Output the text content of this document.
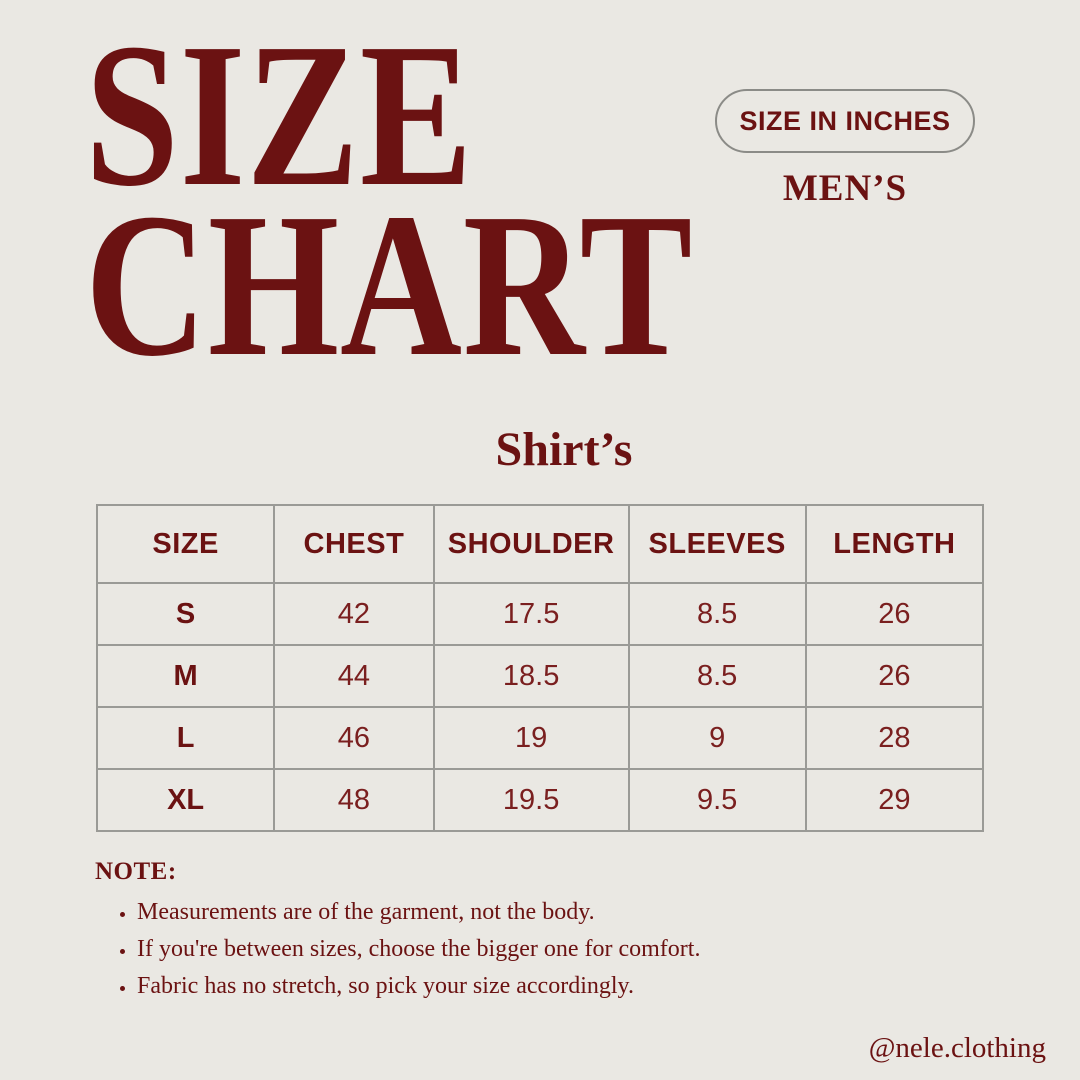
SIZE
CHART
SIZE IN INCHES
MEN’S
Shirt’s
SIZE	CHEST	SHOULDER	SLEEVES	LENGTH
S	42	17.5	8.5	26
M	44	18.5	8.5	26
L	46	19	9	28
XL	48	19.5	9.5	29
NOTE:
• Measurements are of the garment, not the body.
• If you're between sizes, choose the bigger one for comfort.
• Fabric has no stretch, so pick your size accordingly.
@nele.clothing
